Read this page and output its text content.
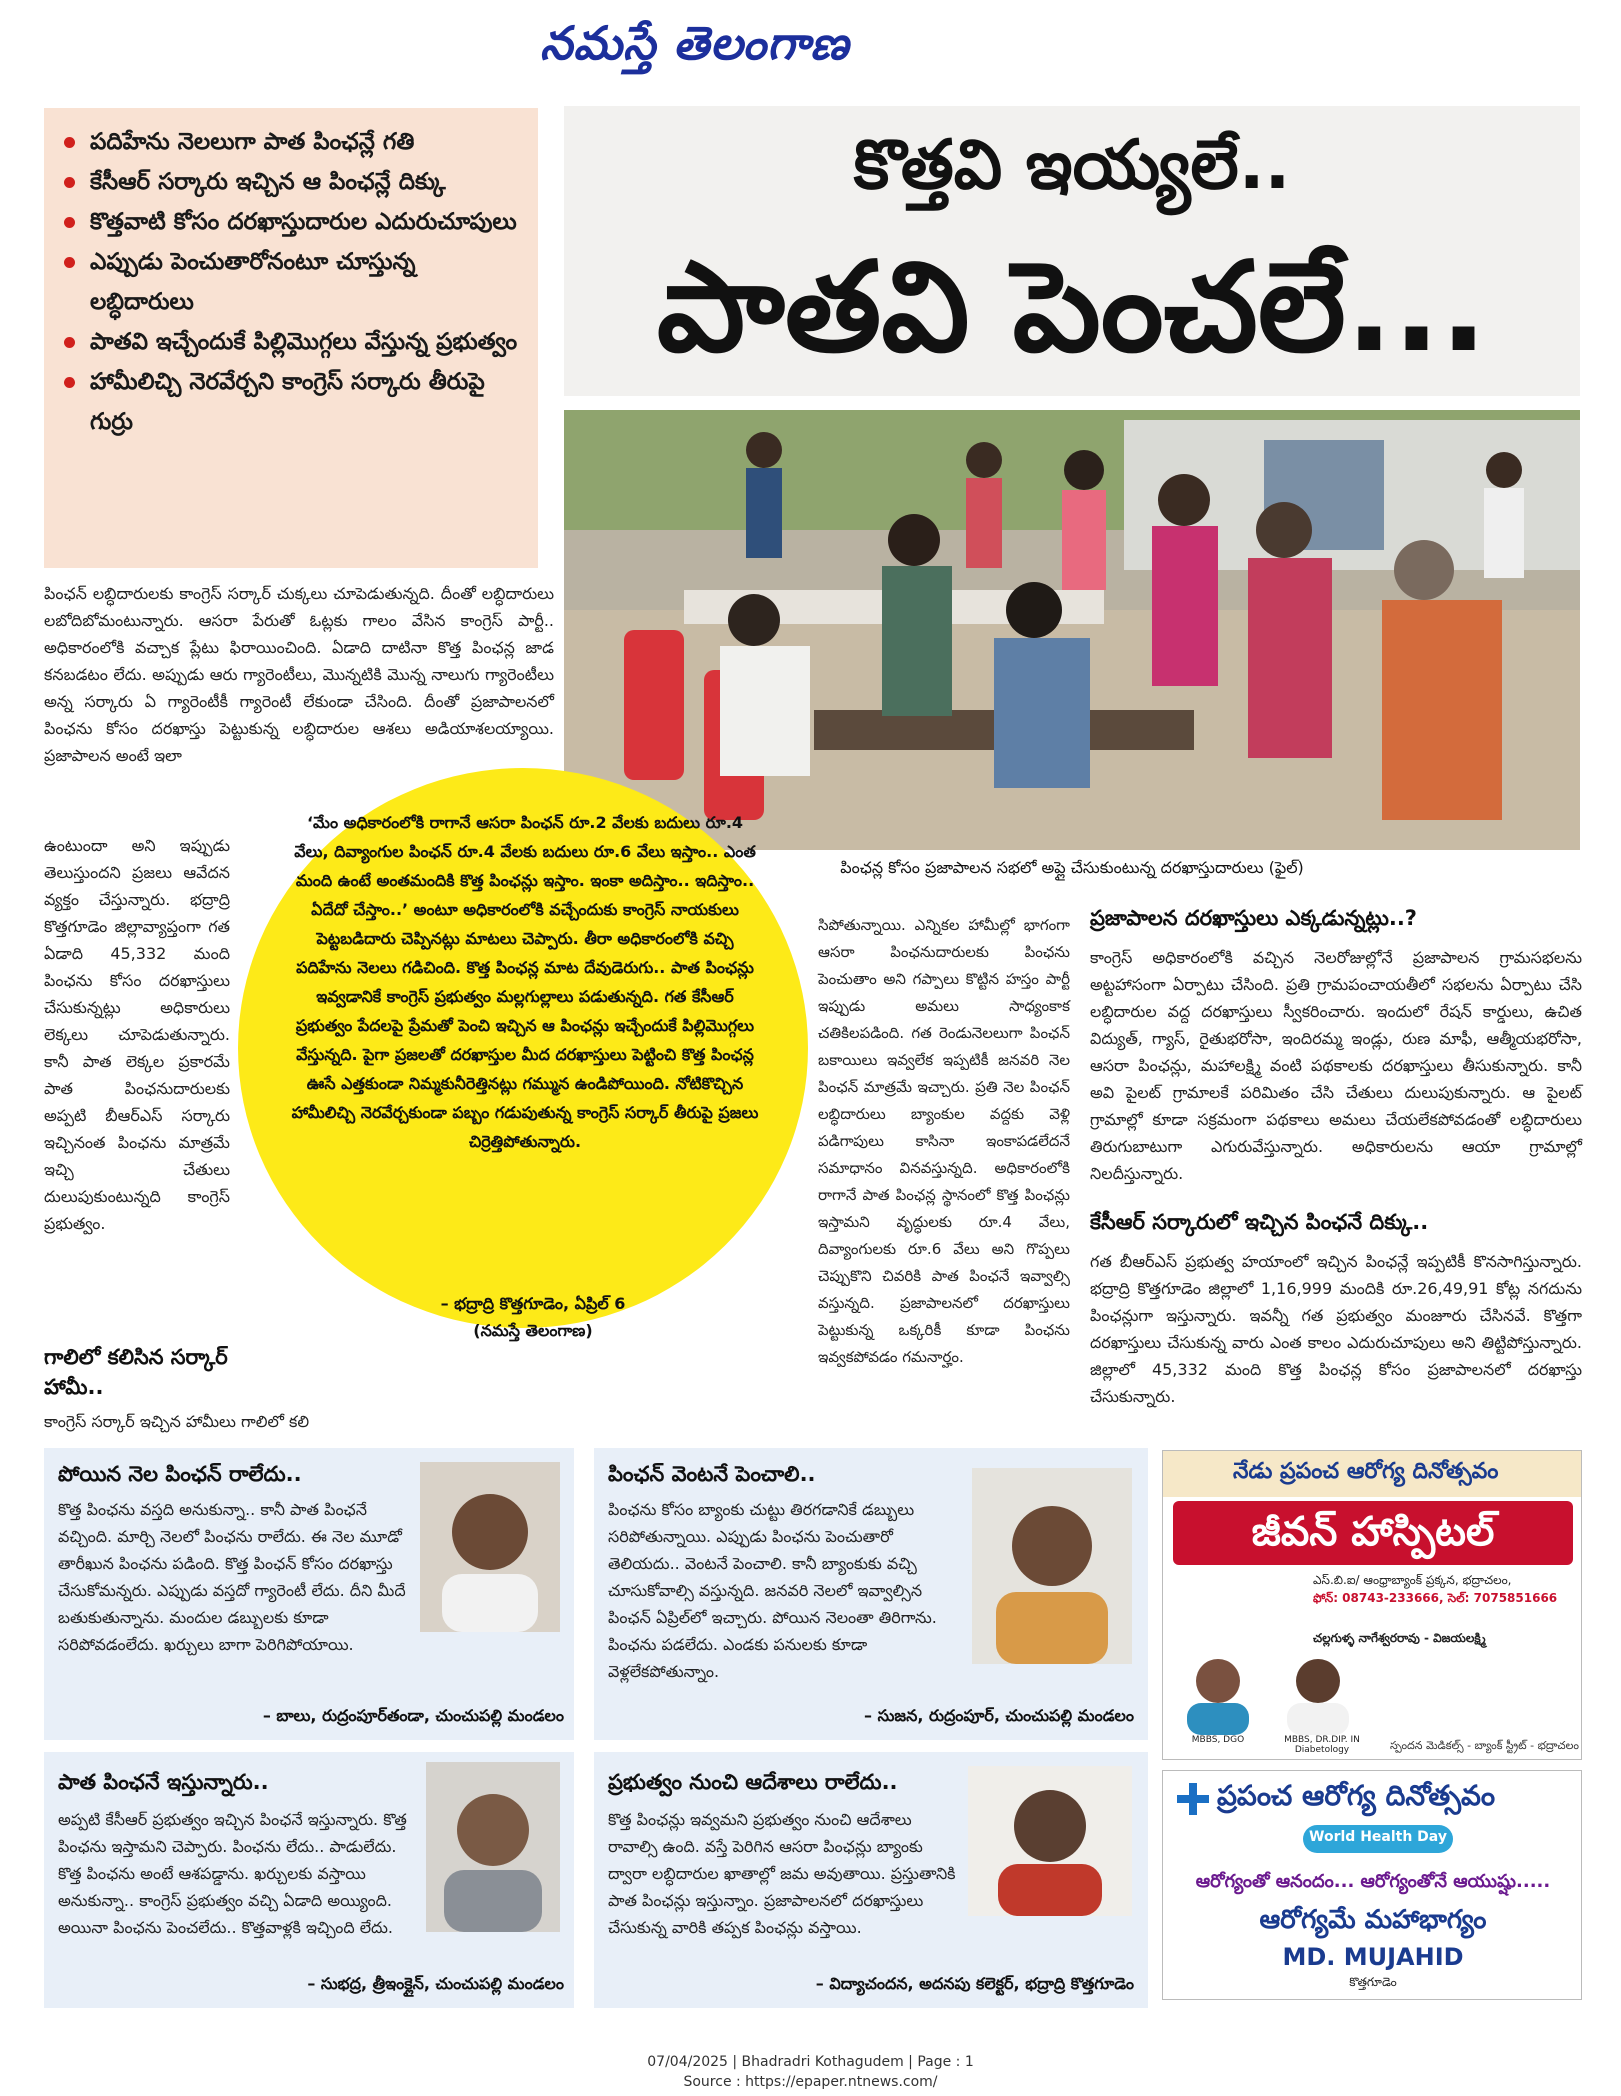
నమస్తే తెలంగాణ
పదిహేను నెలలుగా పాత పింఛన్లే గతి
కేసీఆర్ సర్కారు ఇచ్చిన ఆ పింఛన్లే దిక్కు
కొత్తవాటి కోసం దరఖాస్తుదారుల ఎదురుచూపులు
ఎప్పుడు పెంచుతారోనంటూ చూస్తున్న లబ్ధిదారులు
పాతవి ఇచ్చేందుకే పిల్లిమొగ్గలు వేస్తున్న ప్రభుత్వం
హామీలిచ్చి నెరవేర్చని కాంగ్రెస్ సర్కారు తీరుపై గుర్రు
కొత్తవి ఇయ్యలే..
పాతవి పెంచలే...
పింఛన్ల కోసం ప్రజాపాలన సభలో అప్లై చేసుకుంటున్న దరఖాస్తుదారులు (ఫైల్)
పింఛన్ లబ్ధిదారులకు కాంగ్రెస్ సర్కార్ చుక్కలు చూపెడుతున్నది. దీంతో లబ్ధిదారులు లబోదిబోమంటున్నారు. ఆసరా పేరుతో ఓట్లకు గాలం వేసిన కాంగ్రెస్ పార్టీ.. అధికారంలోకి వచ్చాక ప్లేటు ఫిరాయించింది. ఏడాది దాటినా కొత్త పింఛన్ల జాడ కనబడటం లేదు. అప్పుడు ఆరు గ్యారెంటీలు, మొన్నటికి మొన్న నాలుగు గ్యారెంటీలు అన్న సర్కారు ఏ గ్యారెంటీకీ గ్యారెంటీ లేకుండా చేసింది. దీంతో ప్రజాపాలనలో పింఛను కోసం దరఖాస్తు పెట్టుకున్న లబ్ధిదారుల ఆశలు అడియాశలయ్యాయి. ప్రజాపాలన అంటే ఇలా
ఉంటుందా అని ఇప్పుడు తెలుస్తుందని ప్రజలు ఆవేదన వ్యక్తం చేస్తున్నారు. భద్రాద్రి కొత్తగూడెం జిల్లావ్యాప్తంగా గత ఏడాది 45,332 మంది పింఛను కోసం దరఖాస్తులు చేసుకున్నట్లు అధికారులు లెక్కలు చూపెడుతున్నారు. కానీ పాత లెక్కల ప్రకారమే పాత పింఛనుదారులకు అప్పటి బీఆర్ఎస్ సర్కారు ఇచ్చినంత పింఛను మాత్రమే ఇచ్చి చేతులు దులుపుకుంటున్నది కాంగ్రెస్ ప్రభుత్వం.
గాలిలో కలిసిన సర్కార్ హామీ..
కాంగ్రెస్ సర్కార్ ఇచ్చిన హామీలు గాలిలో కలి
‘మేం అధికారంలోకి రాగానే ఆసరా పింఛన్ రూ.2 వేలకు బదులు రూ.4 వేలు, దివ్యాంగుల పింఛన్ రూ.4 వేలకు బదులు రూ.6 వేలు ఇస్తాం.. ఎంత మంది ఉంటే అంతమందికి కొత్త పింఛన్లు ఇస్తాం. ఇంకా అదిస్తాం.. ఇదిస్తాం.. ఏదేదో చేస్తాం..’ అంటూ అధికారంలోకి వచ్చేందుకు కాంగ్రెస్ నాయకులు పెట్టబడిదారు చెప్పినట్లు మాటలు చెప్పారు. తీరా అధికారంలోకి వచ్చి పదిహేను నెలలు గడిచింది. కొత్త పింఛన్ల మాట దేవుడెరుగు.. పాత పింఛన్లు ఇవ్వడానికే కాంగ్రెస్ ప్రభుత్వం మల్లగుల్లాలు పడుతున్నది. గత కేసీఆర్ ప్రభుత్వం పేదలపై ప్రేమతో పెంచి ఇచ్చిన ఆ పింఛన్లు ఇచ్చేందుకే పిల్లిమొగ్గలు వేస్తున్నది. పైగా ప్రజలతో దరఖాస్తుల మీద దరఖాస్తులు పెట్టించి కొత్త పింఛన్ల ఊసే ఎత్తకుండా నిమ్మకునీరెత్తినట్లు గమ్మున ఉండిపోయింది. నోటికొచ్చిన హామీలిచ్చి నెరవేర్చకుండా పబ్బం గడుపుతున్న కాంగ్రెస్ సర్కార్ తీరుపై ప్రజలు చిర్రెత్తిపోతున్నారు.
– భద్రాద్రి కొత్తగూడెం, ఏప్రిల్ 6
(నమస్తే తెలంగాణ)
సిపోతున్నాయి. ఎన్నికల హామీల్లో భాగంగా ఆసరా పింఛనుదారులకు పింఛను పెంచుతాం అని గప్పాలు కొట్టిన హస్తం పార్టీ ఇప్పుడు అమలు సాధ్యంకాక చతికిలపడింది. గత రెండునెలలుగా పింఛన్ బకాయిలు ఇవ్వలేక ఇప్పటికీ జనవరి నెల పింఛన్ మాత్రమే ఇచ్చారు. ప్రతి నెల పింఛన్ లబ్ధిదారులు బ్యాంకుల వద్దకు వెళ్లి పడిగాపులు కాసినా ఇంకాపడలేదనే సమాధానం వినవస్తున్నది. అధికారంలోకి రాగానే పాత పింఛన్ల స్థానంలో కొత్త పింఛన్లు ఇస్తామని వృద్ధులకు రూ.4 వేలు, దివ్యాంగులకు రూ.6 వేలు అని గొప్పలు చెప్పుకొని చివరికి పాత పింఛనే ఇవ్వాల్సి వస్తున్నది. ప్రజాపాలనలో దరఖాస్తులు పెట్టుకున్న ఒక్కరికీ కూడా పింఛను ఇవ్వకపోవడం గమనార్హం.
ప్రజాపాలన దరఖాస్తులు ఎక్కడున్నట్లు..?
కాంగ్రెస్ అధికారంలోకి వచ్చిన నెలరోజుల్లోనే ప్రజాపాలన గ్రామసభలను అట్టహాసంగా ఏర్పాటు చేసింది. ప్రతి గ్రామపంచాయతీలో సభలను ఏర్పాటు చేసి లబ్ధిదారుల వద్ద దరఖాస్తులు స్వీకరించారు. ఇందులో రేషన్ కార్డులు, ఉచిత విద్యుత్, గ్యాస్, రైతుభరోసా, ఇందిరమ్మ ఇండ్లు, రుణ మాఫీ, ఆత్మీయభరోసా, ఆసరా పింఛన్లు, మహాలక్ష్మి వంటి పథకాలకు దరఖాస్తులు తీసుకున్నారు. కానీ అవి పైలట్ గ్రామాలకే పరిమితం చేసి చేతులు దులుపుకున్నారు. ఆ పైలట్ గ్రామాల్లో కూడా సక్రమంగా పథకాలు అమలు చేయలేకపోవడంతో లబ్ధిదారులు తిరుగుబాటుగా ఎగురువేస్తున్నారు. అధికారులను ఆయా గ్రామాల్లో నిలదీస్తున్నారు.
కేసీఆర్ సర్కారులో ఇచ్చిన పింఛనే దిక్కు..
గత బీఆర్ఎస్ ప్రభుత్వ హయాంలో ఇచ్చిన పింఛన్లే ఇప్పటికీ కొనసాగిస్తున్నారు. భద్రాద్రి కొత్తగూడెం జిల్లాలో 1,16,999 మందికి రూ.26,49,91 కోట్ల నగదును పింఛన్లుగా ఇస్తున్నారు. ఇవన్నీ గత ప్రభుత్వం మంజూరు చేసినవే. కొత్తగా దరఖాస్తులు చేసుకున్న వారు ఎంత కాలం ఎదురుచూపులు అని తిట్టిపోస్తున్నారు. జిల్లాలో 45,332 మంది కొత్త పింఛన్ల కోసం ప్రజాపాలనలో దరఖాస్తు చేసుకున్నారు.
పోయిన నెల పింఛన్ రాలేదు..
కొత్త పింఛను వస్తది అనుకున్నా.. కానీ పాత పింఛనే వచ్చింది. మార్చి నెలలో పింఛను రాలేదు. ఈ నెల మూడో తారీఖున పింఛను పడింది. కొత్త పింఛన్ కోసం దరఖాస్తు చేసుకోమన్నరు. ఎప్పుడు వస్తదో గ్యారెంటీ లేదు. దీని మీదే బతుకుతున్నాను. మందుల డబ్బులకు కూడా సరిపోవడంలేదు. ఖర్చులు బాగా పెరిగిపోయాయి.
– బాలు, రుద్రంపూర్‌తండా, చుంచుపల్లి మండలం
పింఛన్ వెంటనే పెంచాలి..
పింఛను కోసం బ్యాంకు చుట్టు తిరగడానికే డబ్బులు సరిపోతున్నాయి. ఎప్పుడు పింఛను పెంచుతారో తెలియదు.. వెంటనే పెంచాలి. కానీ బ్యాంకుకు వచ్చి చూసుకోవాల్సి వస్తున్నది. జనవరి నెలలో ఇవ్వాల్సిన పింఛన్ ఏప్రిల్‌లో ఇచ్చారు. పోయిన నెలంతా తిరిగాను. పింఛను పడలేదు. ఎండకు పనులకు కూడా వెళ్లలేకపోతున్నాం.
– సుజన, రుద్రంపూర్, చుంచుపల్లి మండలం
పాత పింఛనే ఇస్తున్నారు..
అప్పటి కేసీఆర్ ప్రభుత్వం ఇచ్చిన పింఛనే ఇస్తున్నారు. కొత్త పింఛను ఇస్తామని చెప్పారు. పింఛను లేదు.. పాడులేదు. కొత్త పింఛను అంటే ఆశపడ్డాను. ఖర్చులకు వస్తాయి అనుకున్నా.. కాంగ్రెస్ ప్రభుత్వం వచ్చి ఏడాది అయ్యింది. అయినా పింఛను పెంచలేదు.. కొత్తవాళ్లకి ఇచ్చింది లేదు.
– సుభద్ర, త్రీఇంక్లైన్, చుంచుపల్లి మండలం
ప్రభుత్వం నుంచి ఆదేశాలు రాలేదు..
కొత్త పింఛన్లు ఇవ్వమని ప్రభుత్వం నుంచి ఆదేశాలు రావాల్సి ఉంది. వస్తే పెరిగిన ఆసరా పింఛన్లు బ్యాంకు ద్వారా లబ్ధిదారుల ఖాతాల్లో జమ అవుతాయి. ప్రస్తుతానికి పాత పింఛన్లు ఇస్తున్నాం. ప్రజాపాలనలో దరఖాస్తులు చేసుకున్న వారికి తప్పక పింఛన్లు వస్తాయి.
– విద్యాచందన, అదనపు కలెక్టర్, భద్రాద్రి కొత్తగూడెం
నేడు ప్రపంచ ఆరోగ్య దినోత్సవం
జీవన్ హాస్పిటల్
ఎస్.బి.ఐ/ ఆంధ్రాబ్యాంక్ ప్రక్కన, భద్రాచలం,
ఫోన్: 08743-233666, సెల్: 7075851666
చల్లగుళ్ళ నాగేశ్వరరావు - విజయలక్ష్మి
MBBS, DGO	MBBS, DR.DIP. IN Diabetology	స్పందన మెడికల్స్ - బ్యాంక్ స్ట్రీట్ - భద్రాచలం
ప్రపంచ ఆరోగ్య దినోత్సవం
World Health Day
ఆరోగ్యంతో ఆనందం... ఆరోగ్యంతోనే ఆయుష్షు.....
ఆరోగ్యమే మహాభాగ్యం
MD. MUJAHID
కొత్తగూడెం
07/04/2025 | Bhadradri Kothagudem | Page : 1
Source : https://epaper.ntnews.com/
